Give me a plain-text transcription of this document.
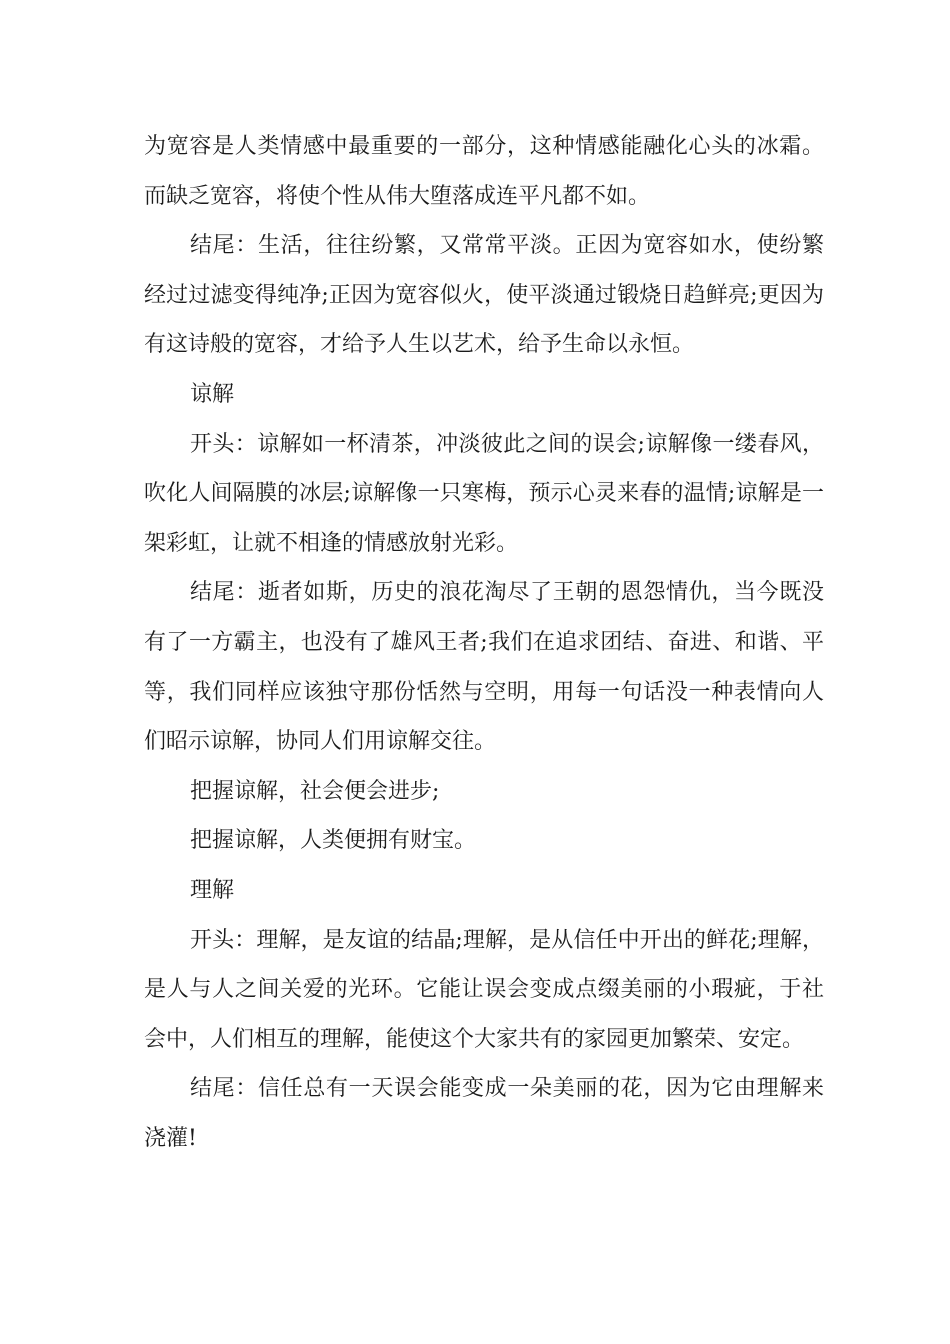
为宽容是人类情感中最重要的一部分，这种情感能融化心头的冰霜。而缺乏宽容，将使个性从伟大堕落成连平凡都不如。

结尾：生活，往往纷繁，又常常平淡。正因为宽容如水，使纷繁经过过滤变得纯净;正因为宽容似火，使平淡通过锻烧日趋鲜亮;更因为有这诗般的宽容，才给予人生以艺术，给予生命以永恒。

谅解

开头：谅解如一杯清茶，冲淡彼此之间的误会;谅解像一缕春风，吹化人间隔膜的冰层;谅解像一只寒梅，预示心灵来春的温情;谅解是一架彩虹，让就不相逢的情感放射光彩。

结尾：逝者如斯，历史的浪花淘尽了王朝的恩怨情仇，当今既没有了一方霸主，也没有了雄风王者;我们在追求团结、奋进、和谐、平等，我们同样应该独守那份恬然与空明，用每一句话没一种表情向人们昭示谅解，协同人们用谅解交往。

把握谅解，社会便会进步;

把握谅解，人类便拥有财宝。

理解

开头：理解，是友谊的结晶;理解，是从信任中开出的鲜花;理解，是人与人之间关爱的光环。它能让误会变成点缀美丽的小瑕疵，于社会中，人们相互的理解，能使这个大家共有的家园更加繁荣、安定。

结尾：信任总有一天误会能变成一朵美丽的花，因为它由理解来浇灌!
